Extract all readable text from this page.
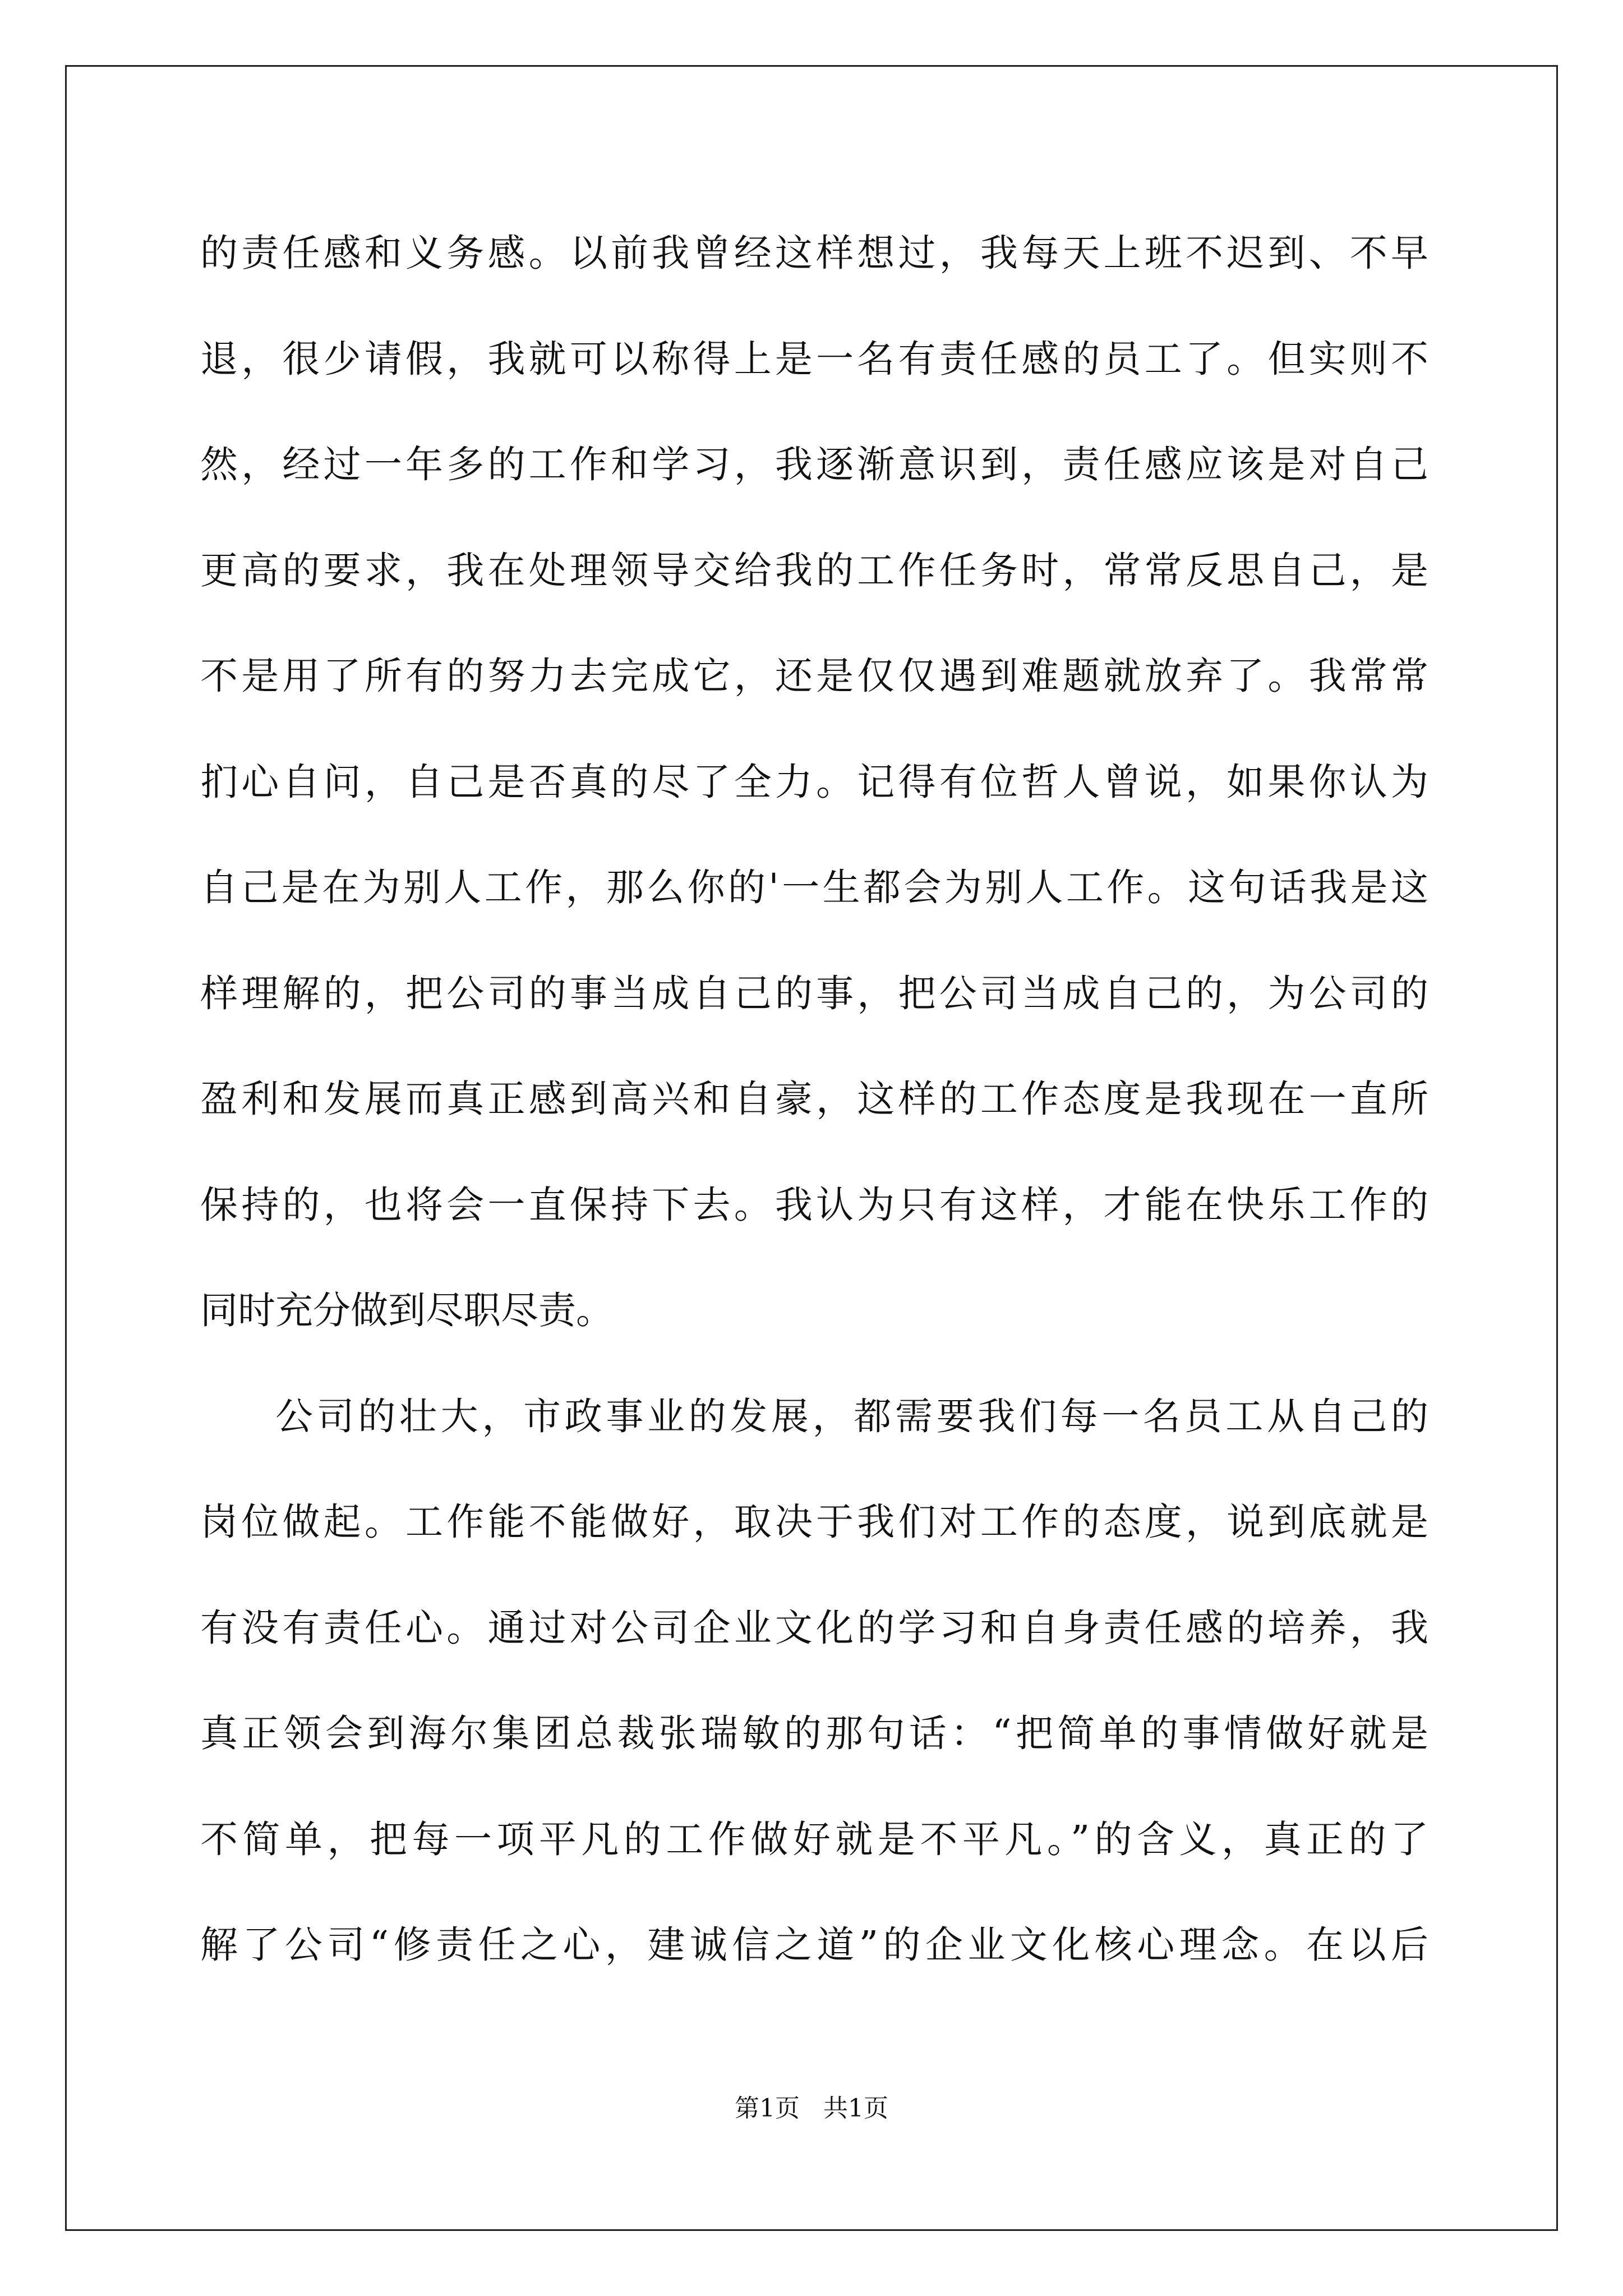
的责任感和义务感。以前我曾经这样想过，我每天上班不迟到、不早
退，很少请假，我就可以称得上是一名有责任感的员工了。但实则不
然，经过一年多的工作和学习，我逐渐意识到，责任感应该是对自己
更高的要求，我在处理领导交给我的工作任务时，常常反思自己，是
不是用了所有的努力去完成它，还是仅仅遇到难题就放弃了。我常常
扪心自问，自己是否真的尽了全力。记得有位哲人曾说，如果你认为
自己是在为别人工作，那么你的'一生都会为别人工作。这句话我是这
样理解的，把公司的事当成自己的事，把公司当成自己的，为公司的
盈利和发展而真正感到高兴和自豪，这样的工作态度是我现在一直所
保持的，也将会一直保持下去。我认为只有这样，才能在快乐工作的
同时充分做到尽职尽责。
公司的壮大，市政事业的发展，都需要我们每一名员工从自己的
岗位做起。工作能不能做好，取决于我们对工作的态度，说到底就是
有没有责任心。通过对公司企业文化的学习和自身责任感的培养，我
真正领会到海尔集团总裁张瑞敏的那句话：“把简单的事情做好就是
不简单，把每一项平凡的工作做好就是不平凡。”的含义，真正的了
解了公司“修责任之心，建诚信之道”的企业文化核心理念。在以后
第1页   共1页
